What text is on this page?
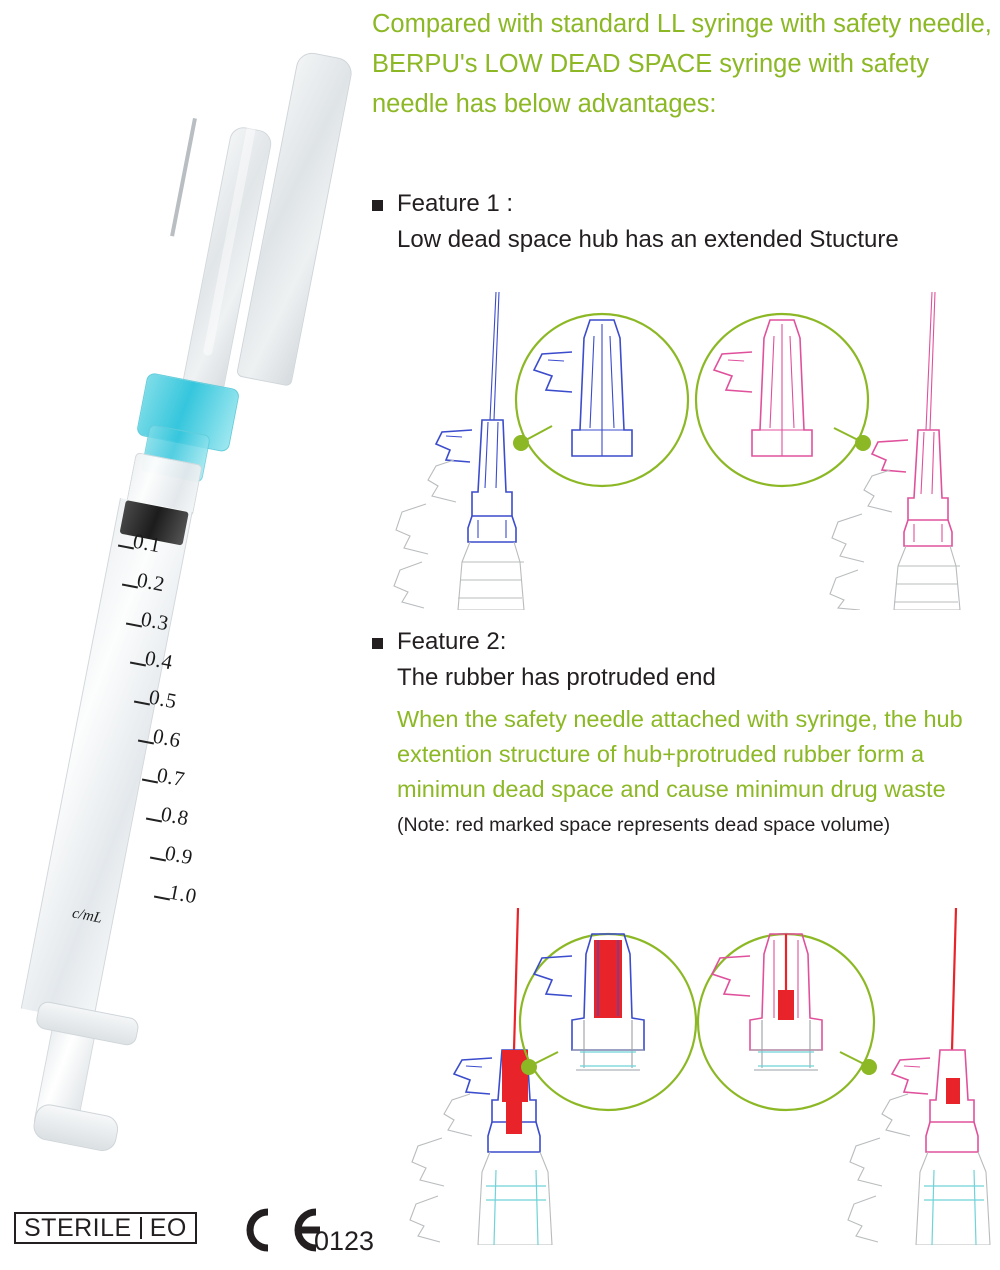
0.1
0.2
0.3
0.4
0.5
0.6
0.7
0.8
0.9
1.0
c/mL
STERILE EO	0123
Compared with standard LL syringe with safety needle, BERPU's LOW DEAD SPACE syringe with safety needle has below advantages:
Feature 1 :
Low dead space hub has an extended Stucture
Feature 2:
The rubber has protruded end
When the safety needle attached with syringe, the hub extention structure of hub+protruded rubber form a minimun dead space and cause minimun drug waste
(Note: red marked space represents dead space volume)
